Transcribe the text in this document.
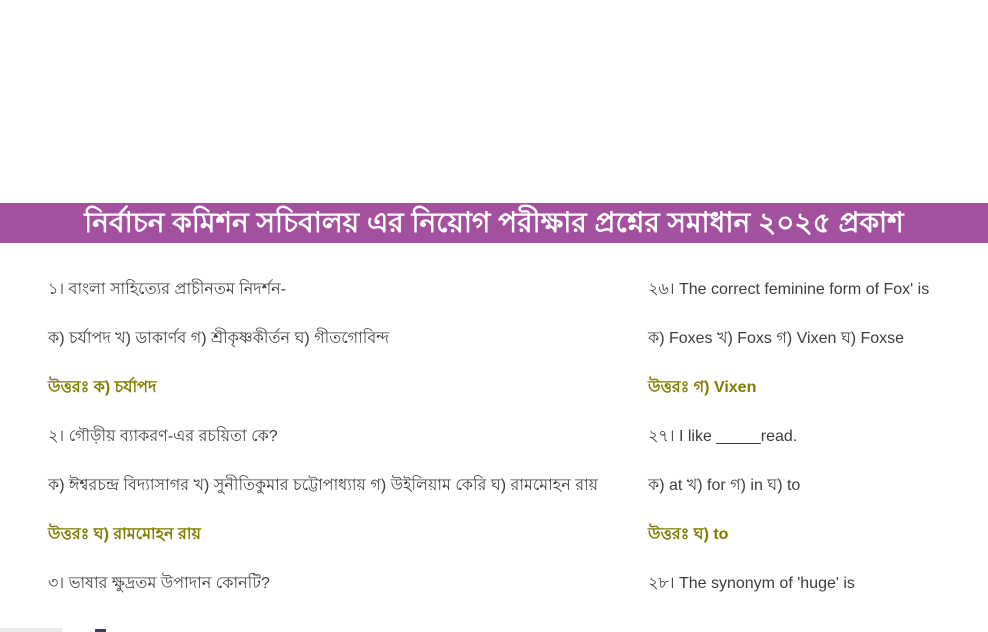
নির্বাচন কমিশন সচিবালয় এর নিয়োগ পরীক্ষার প্রশ্নের সমাধান ২০২৫ প্রকাশ

১। বাংলা সাহিত্যের প্রাচীনতম নিদর্শন-

ক) চর্যাপদ খ) ডাকার্ণব গ) শ্রীকৃষ্ণকীর্তন ঘ) গীতগোবিন্দ

উত্তরঃ ক) চর্যাপদ

২। গৌড়ীয় ব্যাকরণ-এর রচয়িতা কে?

ক) ঈশ্বরচন্দ্র বিদ্যাসাগর খ) সুনীতিকুমার চট্টোপাধ্যায় গ) উইলিয়াম কেরি ঘ) রামমোহন রায়

উত্তরঃ ঘ) রামমোহন রায়

৩। ভাষার ক্ষুদ্রতম উপাদান কোনটি?

২৬। The correct feminine form of Fox' is

ক) Foxes খ) Foxs গ) Vixen ঘ) Foxse

উত্তরঃ গ) Vixen

২৭। I like _____read.

ক) at খ) for গ) in ঘ) to

উত্তরঃ ঘ) to

২৮। The synonym of 'huge' is
